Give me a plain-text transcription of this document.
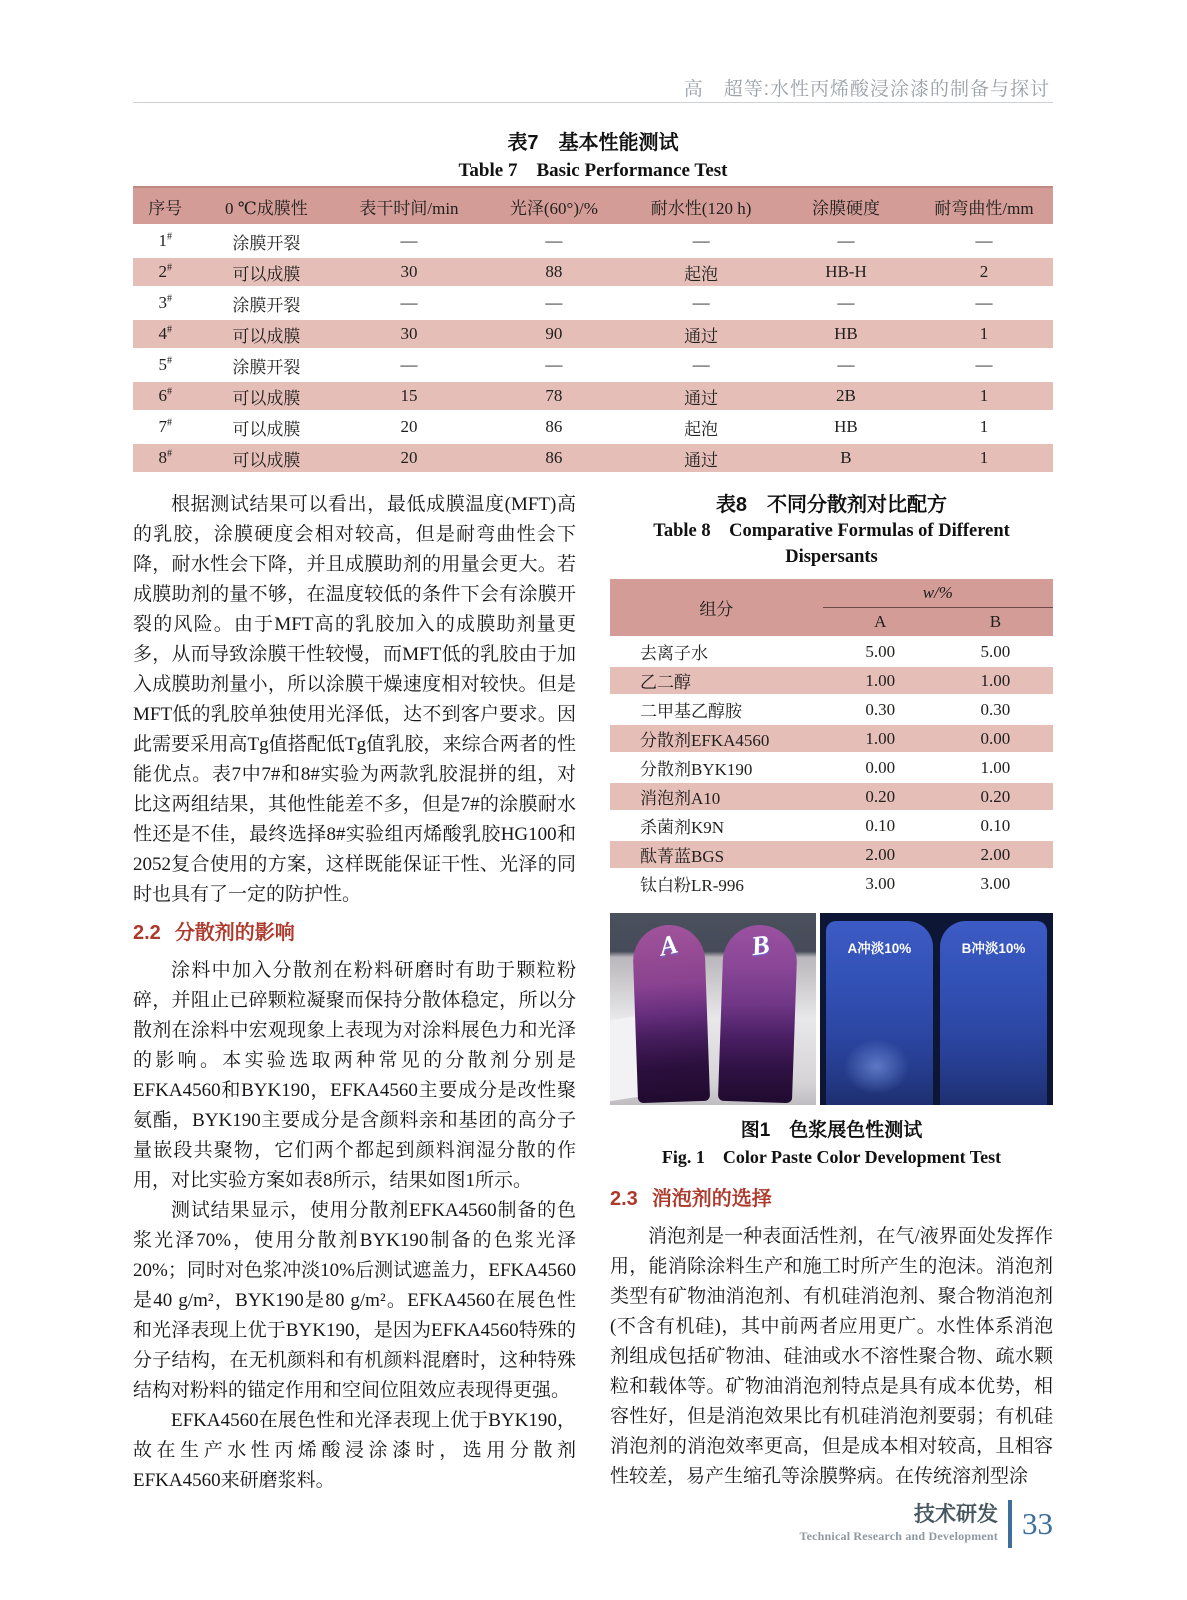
高　超等:水性丙烯酸浸涂漆的制备与探讨
表7　基本性能测试
Table 7　Basic Performance Test
序号	0 ℃成膜性	表干时间/min	光泽(60°)/%	耐水性(120 h)	涂膜硬度	耐弯曲性/mm
1#	涂膜开裂	—	—	—	—	—
2#	可以成膜	30	88	起泡	HB-H	2
3#	涂膜开裂	—	—	—	—	—
4#	可以成膜	30	90	通过	HB	1
5#	涂膜开裂	—	—	—	—	—
6#	可以成膜	15	78	通过	2B	1
7#	可以成膜	20	86	起泡	HB	1
8#	可以成膜	20	86	通过	B	1

根据测试结果可以看出，最低成膜温度(MFT)高的乳胶，涂膜硬度会相对较高，但是耐弯曲性会下降，耐水性会下降，并且成膜助剂的用量会更大。若成膜助剂的量不够，在温度较低的条件下会有涂膜开裂的风险。由于MFT高的乳胶加入的成膜助剂量更多，从而导致涂膜干性较慢，而MFT低的乳胶由于加入成膜助剂量小，所以涂膜干燥速度相对较快。但是MFT低的乳胶单独使用光泽低，达不到客户要求。因此需要采用高Tg值搭配低Tg值乳胶，来综合两者的性能优点。表7中7#和8#实验为两款乳胶混拼的组，对比这两组结果，其他性能差不多，但是7#的涂膜耐水性还是不佳，最终选择8#实验组丙烯酸乳胶HG100和2052复合使用的方案，这样既能保证干性、光泽的同时也具有了一定的防护性。

2.2 分散剂的影响

涂料中加入分散剂在粉料研磨时有助于颗粒粉碎，并阻止已碎颗粒凝聚而保持分散体稳定，所以分散剂在涂料中宏观现象上表现为对涂料展色力和光泽的影响。本实验选取两种常见的分散剂分别是EFKA4560和BYK190，EFKA4560主要成分是改性聚氨酯，BYK190主要成分是含颜料亲和基团的高分子量嵌段共聚物，它们两个都起到颜料润湿分散的作用，对比实验方案如表8所示，结果如图1所示。

测试结果显示，使用分散剂EFKA4560制备的色浆光泽70%，使用分散剂BYK190制备的色浆光泽20%；同时对色浆冲淡10%后测试遮盖力，EFKA4560是40 g/m²，BYK190是80 g/m²。EFKA4560在展色性和光泽表现上优于BYK190，是因为EFKA4560特殊的分子结构，在无机颜料和有机颜料混磨时，这种特殊结构对粉料的锚定作用和空间位阻效应表现得更强。

EFKA4560在展色性和光泽表现上优于BYK190，故在生产水性丙烯酸浸涂漆时，选用分散剂EFKA4560来研磨浆料。

表8　不同分散剂对比配方
Table 8　Comparative Formulas of Different Dispersants
组分	w/%	
	A	B
去离子水	5.00	5.00
乙二醇	1.00	1.00
二甲基乙醇胺	0.30	0.30
分散剂EFKA4560	1.00	0.00
分散剂BYK190	0.00	1.00
消泡剂A10	0.20	0.20
杀菌剂K9N	0.10	0.10
酞菁蓝BGS	2.00	2.00
钛白粉LR-996	3.00	3.00
A	B	A冲淡10%	B冲淡10%
图1　色浆展色性测试
Fig. 1　Color Paste Color Development Test
2.3 消泡剂的选择

消泡剂是一种表面活性剂，在气/液界面处发挥作用，能消除涂料生产和施工时所产生的泡沫。消泡剂类型有矿物油消泡剂、有机硅消泡剂、聚合物消泡剂(不含有机硅)，其中前两者应用更广。水性体系消泡剂组成包括矿物油、硅油或水不溶性聚合物、疏水颗粒和载体等。矿物油消泡剂特点是具有成本优势，相容性好，但是消泡效果比有机硅消泡剂要弱；有机硅消泡剂的消泡效率更高，但是成本相对较高，且相容性较差，易产生缩孔等涂膜弊病。在传统溶剂型涂

技术研发
Technical Research and Development 33
